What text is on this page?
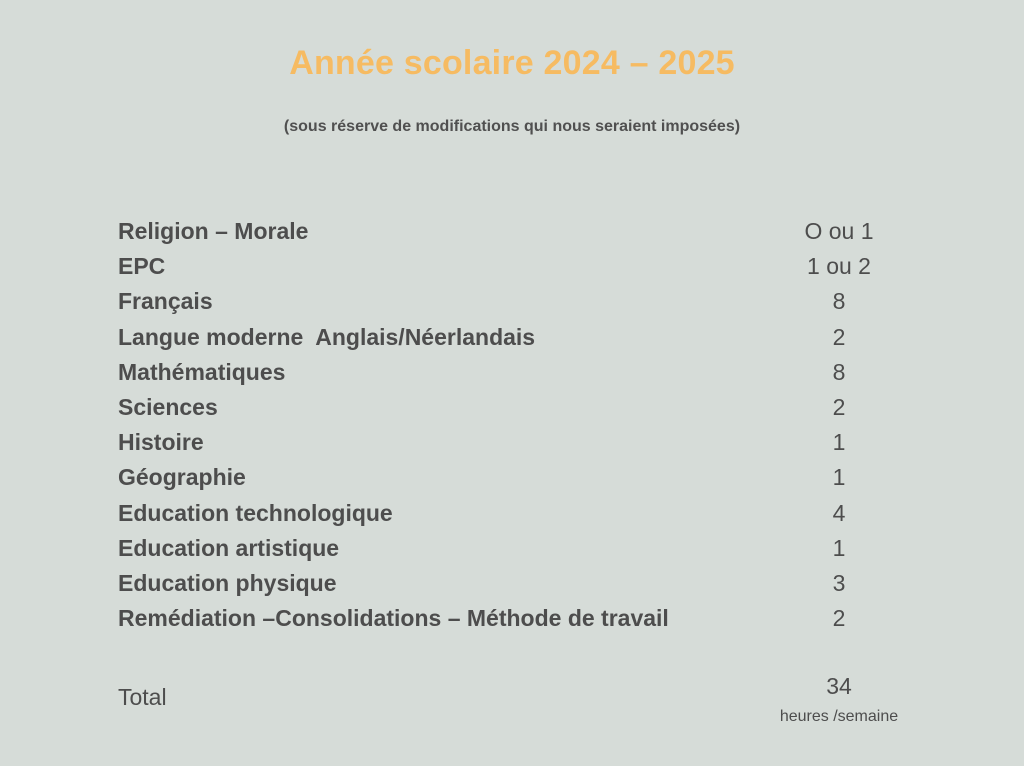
Année scolaire 2024 – 2025
(sous réserve de modifications qui nous seraient imposées)
Religion – Morale	O ou 1
EPC	1 ou 2
Français	8
Langue moderne  Anglais/Néerlandais	2
Mathématiques	8
Sciences	2
Histoire	1
Géographie	1
Education technologique	4
Education artistique	1
Education physique	3
Remédiation –Consolidations – Méthode de travail	2
Total	34
heures /semaine
